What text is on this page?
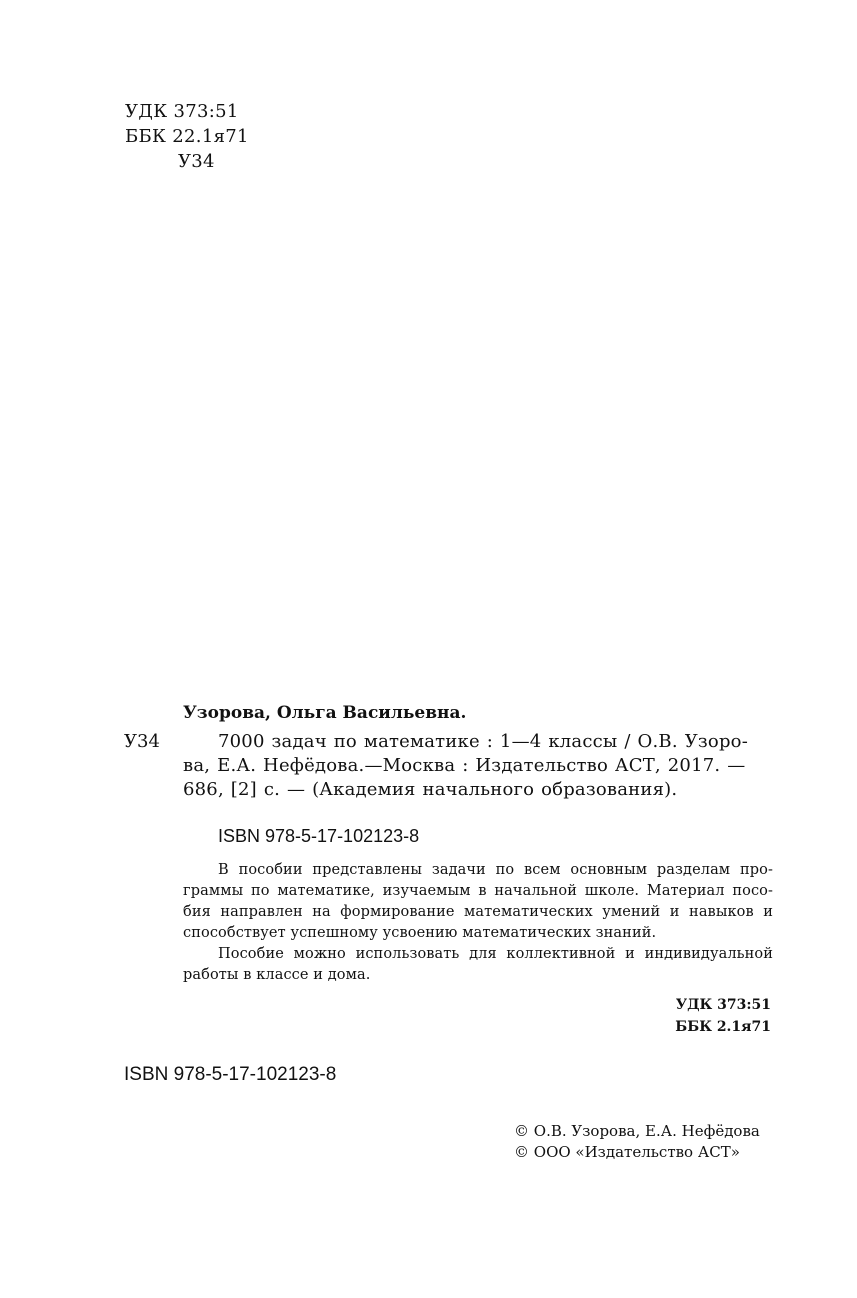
УДК 373:51
ББК 22.1я71
У34
Узорова, Ольга Васильевна.
У34	7000 задач по математике : 1—4 классы / О.В. Узоро-
ва, Е.А. Нефёдова.—Москва : Издательство АСТ, 2017. —
686, [2] с. — (Академия начального образования).
ISBN 978-5-17-102123-8
В пособии представлены задачи по всем основным разделам про-
граммы по математике, изучаемым в начальной школе. Материал посо-
бия направлен на формирование математических умений и навыков и
способствует успешному усвоению математических знаний.
Пособие можно использовать для коллективной и индивидуальной
работы в классе и дома.
УДК 373:51
ББК 2.1я71
ISBN 978-5-17-102123-8
© О.В. Узорова, Е.А. Нефёдова
© ООО «Издательство АСТ»
